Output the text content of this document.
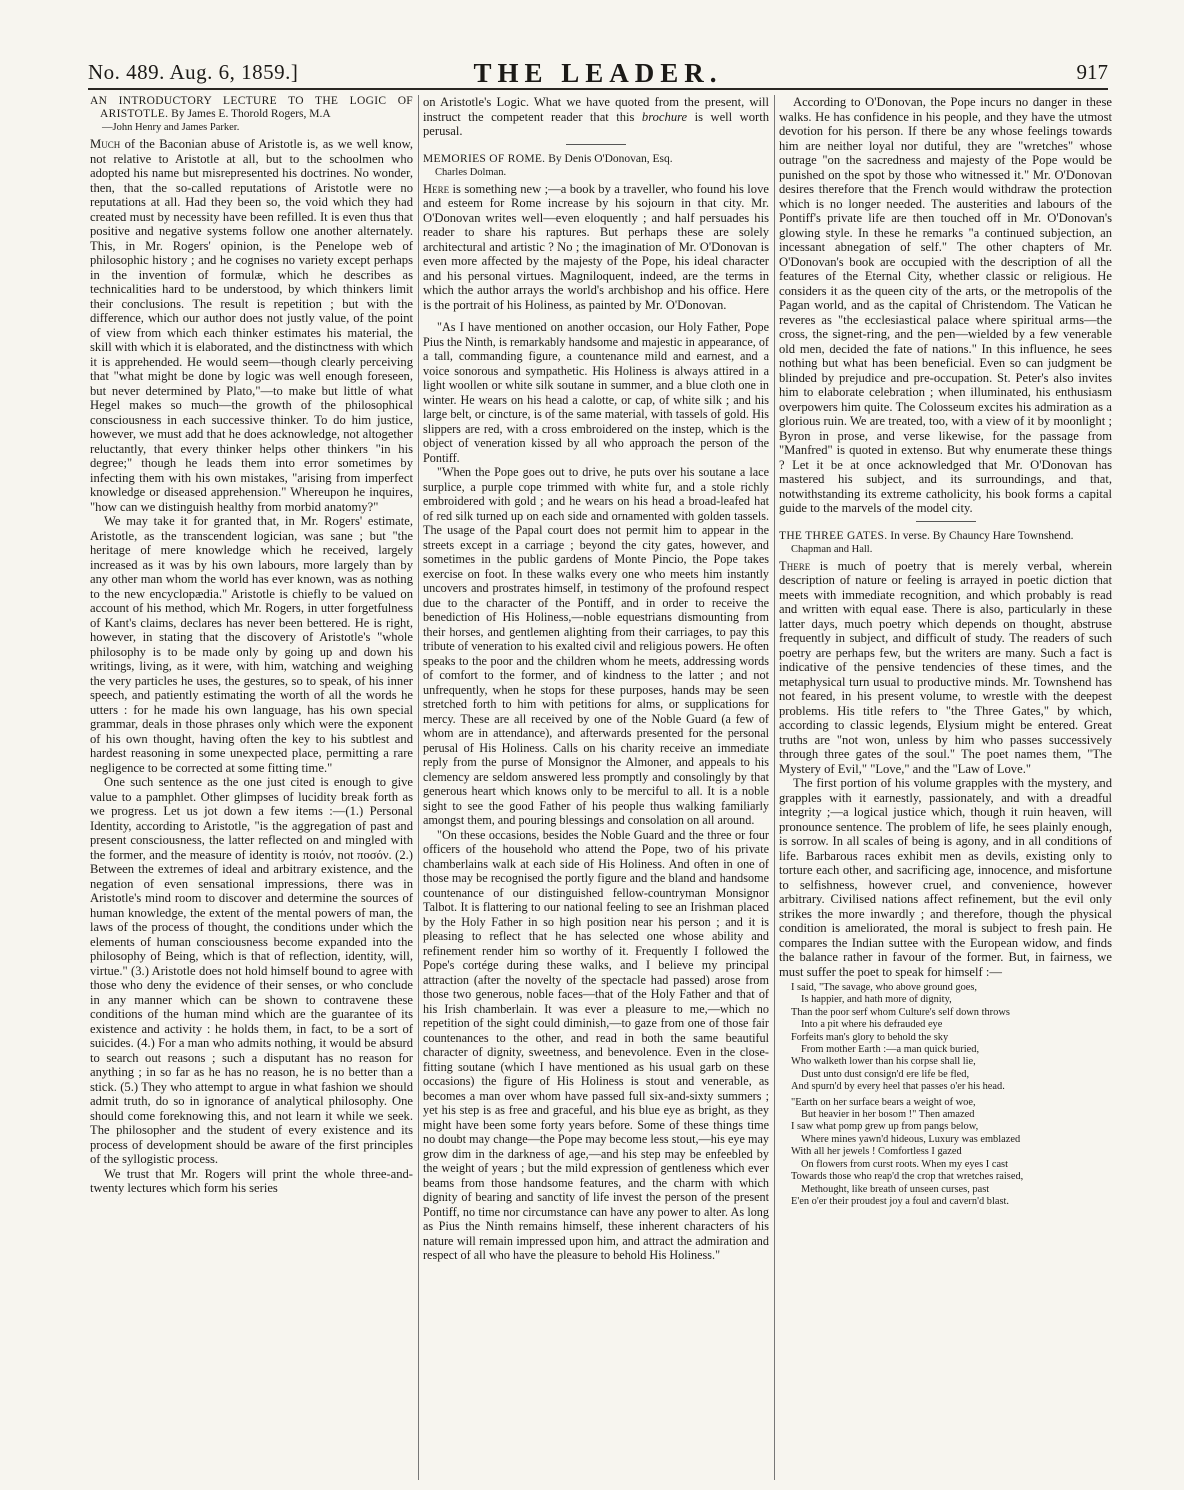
No. 489. Aug. 6, 1859.]	THE LEADER.	917

AN INTRODUCTORY LECTURE TO THE LOGIC OF ARISTOTLE. By James E. Thorold Rogers, M.A
—John Henry and James Parker.

Much of the Baconian abuse of Aristotle is, as we well know, not relative to Aristotle at all, but to the schoolmen who adopted his name but misrepresented his doctrines. No wonder, then, that the so-called reputations of Aristotle were no reputations at all. Had they been so, the void which they had created must by necessity have been refilled. It is even thus that positive and negative systems follow one another alternately. This, in Mr. Rogers' opinion, is the Penelope web of philosophic history ; and he cognises no variety except perhaps in the invention of formulæ, which he describes as technicalities hard to be understood, by which thinkers limit their conclusions. The result is repetition ; but with the difference, which our author does not justly value, of the point of view from which each thinker estimates his material, the skill with which it is elaborated, and the distinctness with which it is apprehended. He would seem—though clearly perceiving that "what might be done by logic was well enough foreseen, but never determined by Plato,"—to make but little of what Hegel makes so much—the growth of the philosophical consciousness in each successive thinker. To do him justice, however, we must add that he does acknowledge, not altogether reluctantly, that every thinker helps other thinkers "in his degree;" though he leads them into error sometimes by infecting them with his own mistakes, "arising from imperfect knowledge or diseased apprehension." Whereupon he inquires, "how can we distinguish healthy from morbid anatomy?"

We may take it for granted that, in Mr. Rogers' estimate, Aristotle, as the transcendent logician, was sane ; but "the heritage of mere knowledge which he received, largely increased as it was by his own labours, more largely than by any other man whom the world has ever known, was as nothing to the new encyclopædia." Aristotle is chiefly to be valued on account of his method, which Mr. Rogers, in utter forgetfulness of Kant's claims, declares has never been bettered. He is right, however, in stating that the discovery of Aristotle's "whole philosophy is to be made only by going up and down his writings, living, as it were, with him, watching and weighing the very particles he uses, the gestures, so to speak, of his inner speech, and patiently estimating the worth of all the words he utters : for he made his own language, has his own special grammar, deals in those phrases only which were the exponent of his own thought, having often the key to his subtlest and hardest reasoning in some unexpected place, permitting a rare negligence to be corrected at some fitting time."

One such sentence as the one just cited is enough to give value to a pamphlet. Other glimpses of lucidity break forth as we progress. Let us jot down a few items :—(1.) Personal Identity, according to Aristotle, "is the aggregation of past and present consciousness, the latter reflected on and mingled with the former, and the measure of identity is ποιόν, not ποσόν. (2.) Between the extremes of ideal and arbitrary existence, and the negation of even sensational impressions, there was in Aristotle's mind room to discover and determine the sources of human knowledge, the extent of the mental powers of man, the laws of the process of thought, the conditions under which the elements of human consciousness become expanded into the philosophy of Being, which is that of reflection, identity, will, virtue." (3.) Aristotle does not hold himself bound to agree with those who deny the evidence of their senses, or who conclude in any manner which can be shown to contravene these conditions of the human mind which are the guarantee of its existence and activity : he holds them, in fact, to be a sort of suicides. (4.) For a man who admits nothing, it would be absurd to search out reasons ; such a disputant has no reason for anything ; in so far as he has no reason, he is no better than a stick. (5.) They who attempt to argue in what fashion we should admit truth, do so in ignorance of analytical philosophy. One should come foreknowing this, and not learn it while we seek. The philosopher and the student of every existence and its process of development should be aware of the first principles of the syllogistic process.

We trust that Mr. Rogers will print the whole three-and-twenty lectures which form his series

on Aristotle's Logic. What we have quoted from the present, will instruct the competent reader that this brochure is well worth perusal.

MEMORIES OF ROME. By Denis O'Donovan, Esq.
Charles Dolman.

Here is something new ;—a book by a traveller, who found his love and esteem for Rome increase by his sojourn in that city. Mr. O'Donovan writes well—even eloquently ; and half persuades his reader to share his raptures. But perhaps these are solely architectural and artistic ? No ; the imagination of Mr. O'Donovan is even more affected by the majesty of the Pope, his ideal character and his personal virtues. Magniloquent, indeed, are the terms in which the author arrays the world's archbishop and his office. Here is the portrait of his Holiness, as painted by Mr. O'Donovan.

"As I have mentioned on another occasion, our Holy Father, Pope Pius the Ninth, is remarkably handsome and majestic in appearance, of a tall, commanding figure, a countenance mild and earnest, and a voice sonorous and sympathetic. His Holiness is always attired in a light woollen or white silk soutane in summer, and a blue cloth one in winter. He wears on his head a calotte, or cap, of white silk ; and his large belt, or cincture, is of the same material, with tassels of gold. His slippers are red, with a cross embroidered on the instep, which is the object of veneration kissed by all who approach the person of the Pontiff.

"When the Pope goes out to drive, he puts over his soutane a lace surplice, a purple cope trimmed with white fur, and a stole richly embroidered with gold ; and he wears on his head a broad-leafed hat of red silk turned up on each side and ornamented with golden tassels. The usage of the Papal court does not permit him to appear in the streets except in a carriage ; beyond the city gates, however, and sometimes in the public gardens of Monte Pincio, the Pope takes exercise on foot. In these walks every one who meets him instantly uncovers and prostrates himself, in testimony of the profound respect due to the character of the Pontiff, and in order to receive the benediction of His Holiness,—noble equestrians dismounting from their horses, and gentlemen alighting from their carriages, to pay this tribute of veneration to his exalted civil and religious powers. He often speaks to the poor and the children whom he meets, addressing words of comfort to the former, and of kindness to the latter ; and not unfrequently, when he stops for these purposes, hands may be seen stretched forth to him with petitions for alms, or supplications for mercy. These are all received by one of the Noble Guard (a few of whom are in attendance), and afterwards presented for the personal perusal of His Holiness. Calls on his charity receive an immediate reply from the purse of Monsignor the Almoner, and appeals to his clemency are seldom answered less promptly and consolingly by that generous heart which knows only to be merciful to all. It is a noble sight to see the good Father of his people thus walking familiarly amongst them, and pouring blessings and consolation on all around.

"On these occasions, besides the Noble Guard and the three or four officers of the household who attend the Pope, two of his private chamberlains walk at each side of His Holiness. And often in one of those may be recognised the portly figure and the bland and handsome countenance of our distinguished fellow-countryman Monsignor Talbot. It is flattering to our national feeling to see an Irishman placed by the Holy Father in so high position near his person ; and it is pleasing to reflect that he has selected one whose ability and refinement render him so worthy of it. Frequently I followed the Pope's cortége during these walks, and I believe my principal attraction (after the novelty of the spectacle had passed) arose from those two generous, noble faces—that of the Holy Father and that of his Irish chamberlain. It was ever a pleasure to me,—which no repetition of the sight could diminish,—to gaze from one of those fair countenances to the other, and read in both the same beautiful character of dignity, sweetness, and benevolence. Even in the close-fitting soutane (which I have mentioned as his usual garb on these occasions) the figure of His Holiness is stout and venerable, as becomes a man over whom have passed full six-and-sixty summers ; yet his step is as free and graceful, and his blue eye as bright, as they might have been some forty years before. Some of these things time no doubt may change—the Pope may become less stout,—his eye may grow dim in the darkness of age,—and his step may be enfeebled by the weight of years ; but the mild expression of gentleness which ever beams from those handsome features, and the charm with which dignity of bearing and sanctity of life invest the person of the present Pontiff, no time nor circumstance can have any power to alter. As long as Pius the Ninth remains himself, these inherent characters of his nature will remain impressed upon him, and attract the admiration and respect of all who have the pleasure to behold His Holiness."

According to O'Donovan, the Pope incurs no danger in these walks. He has confidence in his people, and they have the utmost devotion for his person. If there be any whose feelings towards him are neither loyal nor dutiful, they are "wretches" whose outrage "on the sacredness and majesty of the Pope would be punished on the spot by those who witnessed it." Mr. O'Donovan desires therefore that the French would withdraw the protection which is no longer needed. The austerities and labours of the Pontiff's private life are then touched off in Mr. O'Donovan's glowing style. In these he remarks "a continued subjection, an incessant abnegation of self." The other chapters of Mr. O'Donovan's book are occupied with the description of all the features of the Eternal City, whether classic or religious. He considers it as the queen city of the arts, or the metropolis of the Pagan world, and as the capital of Christendom. The Vatican he reveres as "the ecclesiastical palace where spiritual arms—the cross, the signet-ring, and the pen—wielded by a few venerable old men, decided the fate of nations." In this influence, he sees nothing but what has been beneficial. Even so can judgment be blinded by prejudice and pre-occupation. St. Peter's also invites him to elaborate celebration ; when illuminated, his enthusiasm overpowers him quite. The Colosseum excites his admiration as a glorious ruin. We are treated, too, with a view of it by moonlight ; Byron in prose, and verse likewise, for the passage from "Manfred" is quoted in extenso. But why enumerate these things ? Let it be at once acknowledged that Mr. O'Donovan has mastered his subject, and its surroundings, and that, notwithstanding its extreme catholicity, his book forms a capital guide to the marvels of the model city.

THE THREE GATES. In verse. By Chauncy Hare Townshend.
Chapman and Hall.

There is much of poetry that is merely verbal, wherein description of nature or feeling is arrayed in poetic diction that meets with immediate recognition, and which probably is read and written with equal ease. There is also, particularly in these latter days, much poetry which depends on thought, abstruse frequently in subject, and difficult of study. The readers of such poetry are perhaps few, but the writers are many. Such a fact is indicative of the pensive tendencies of these times, and the metaphysical turn usual to productive minds. Mr. Townshend has not feared, in his present volume, to wrestle with the deepest problems. His title refers to "the Three Gates," by which, according to classic legends, Elysium might be entered. Great truths are "not won, unless by him who passes successively through three gates of the soul." The poet names them, "The Mystery of Evil," "Love," and the "Law of Love."

The first portion of his volume grapples with the mystery, and grapples with it earnestly, passionately, and with a dreadful integrity ;—a logical justice which, though it ruin heaven, will pronounce sentence. The problem of life, he sees plainly enough, is sorrow. In all scales of being is agony, and in all conditions of life. Barbarous races exhibit men as devils, existing only to torture each other, and sacrificing age, innocence, and misfortune to selfishness, however cruel, and convenience, however arbitrary. Civilised nations affect refinement, but the evil only strikes the more inwardly ; and therefore, though the physical condition is ameliorated, the moral is subject to fresh pain. He compares the Indian suttee with the European widow, and finds the balance rather in favour of the former. But, in fairness, we must suffer the poet to speak for himself :—

I said, "The savage, who above ground goes,
Is happier, and hath more of dignity,
Than the poor serf whom Culture's self down throws
Into a pit where his defrauded eye
Forfeits man's glory to behold the sky
From mother Earth :—a man quick buried,
Who walketh lower than his corpse shall lie,
Dust unto dust consign'd ere life be fled,
And spurn'd by every heel that passes o'er his head.
"Earth on her surface bears a weight of woe,
But heavier in her bosom !" Then amazed
I saw what pomp grew up from pangs below,
Where mines yawn'd hideous, Luxury was emblazed
With all her jewels ! Comfortless I gazed
On flowers from curst roots. When my eyes I cast
Towards those who reap'd the crop that wretches raised,
Methought, like breath of unseen curses, past
E'en o'er their proudest joy a foul and cavern'd blast.
